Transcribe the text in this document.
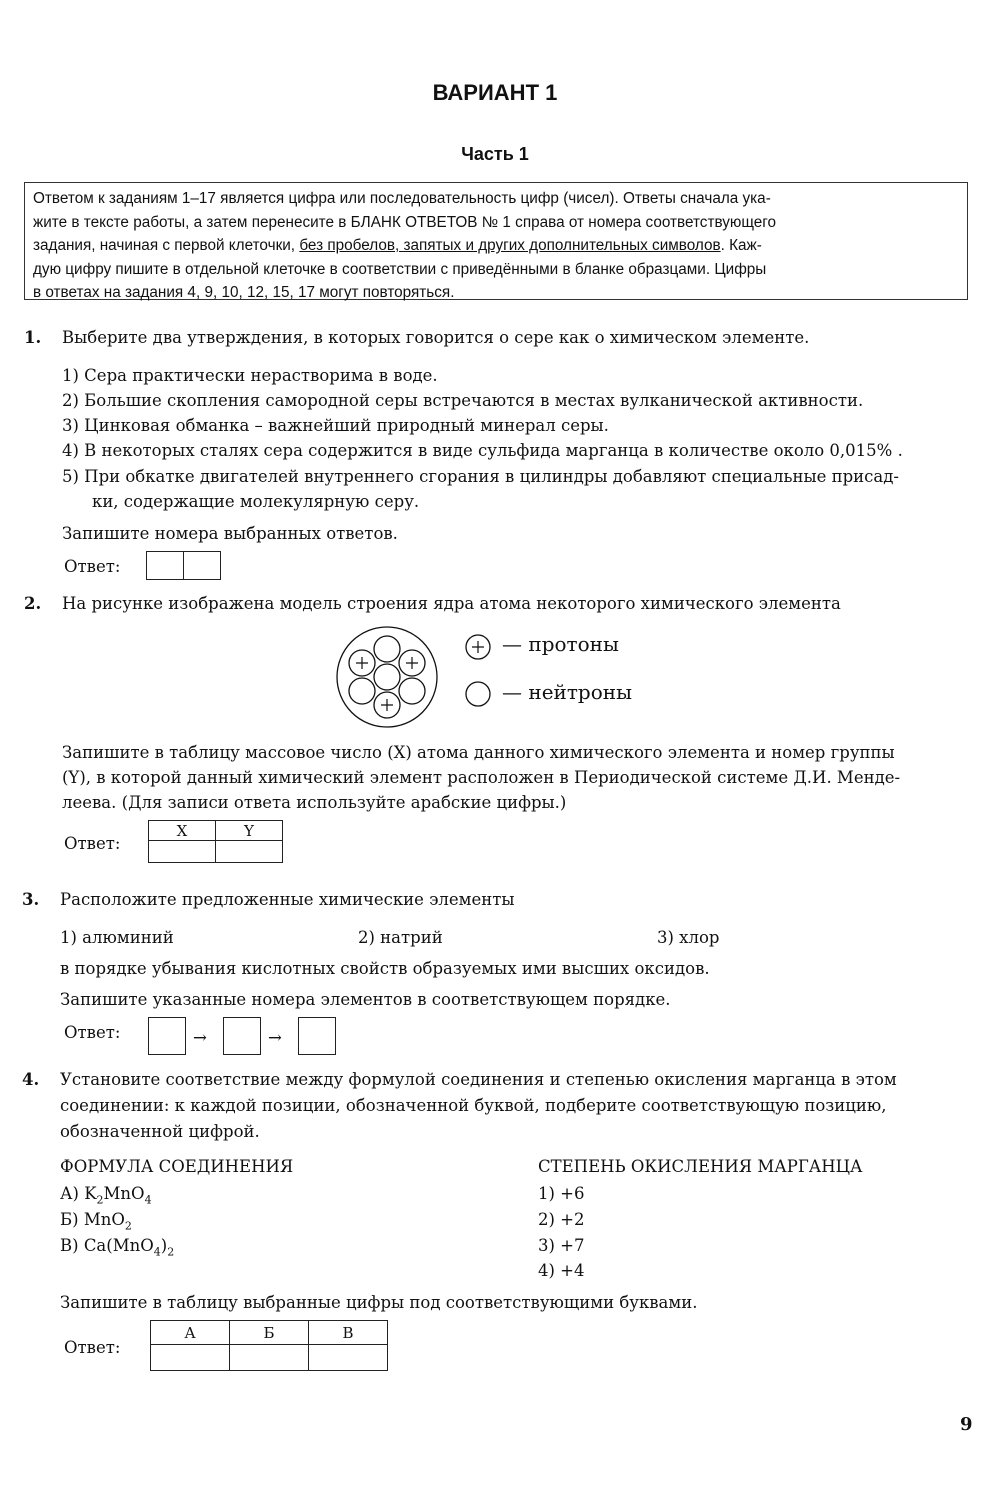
ВАРИАНТ 1
Часть 1
Ответом к заданиям 1–17 является цифра или последовательность цифр (чисел). Ответы сначала ука-
жите в тексте работы, а затем перенесите в БЛАНК ОТВЕТОВ № 1 справа от номера соответствующего
задания, начиная с первой клеточки, без пробелов, запятых и других дополнительных символов. Каж-
дую цифру пишите в отдельной клеточке в соответствии с приведёнными в бланке образцами. Цифры
в ответах на задания 4, 9, 10, 12, 15, 17 могут повторяться.
1. Выберите два утверждения, в которых говорится о сере как о химическом элементе.
1) Сера практически нерастворима в воде.
2) Большие скопления самородной серы встречаются в местах вулканической активности.
3) Цинковая обманка – важнейший природный минерал серы.
4) В некоторых сталях сера содержится в виде сульфида марганца в количестве около 0,015% .
5) При обкатке двигателей внутреннего сгорания в цилиндры добавляют специальные присад-
ки, содержащие молекулярную серу.
Запишите номера выбранных ответов.
Ответ:
2. На рисунке изображена модель строения ядра атома некоторого химического элемента
— протоны
— нейтроны
Запишите в таблицу массовое число (X) атома данного химического элемента и номер группы
(Y), в которой данный химический элемент расположен в Периодической системе Д.И. Менде-
леева. (Для записи ответа используйте арабские цифры.)
Ответ:
X	Y

3. Расположите предложенные химические элементы
1) алюминий	2) натрий	3) хлор
в порядке убывания кислотных свойств образуемых ими высших оксидов.
Запишите указанные номера элементов в соответствующем порядке.
Ответ:	→	→
4. Установите соответствие между формулой соединения и степенью окисления марганца в этом
соединении: к каждой позиции, обозначенной буквой, подберите соответствующую позицию,
обозначенной цифрой.
ФОРМУЛА СОЕДИНЕНИЯ	СТЕПЕНЬ ОКИСЛЕНИЯ МАРГАНЦА
А) $K_2MnO_4$
Б) MnO$_2$
В) $Ca(MnO_4)_2$
1) +6
2) +2
3) +7
4) +4
Запишите в таблицу выбранные цифры под соответствующими буквами.
Ответ:
А	Б	В

9
